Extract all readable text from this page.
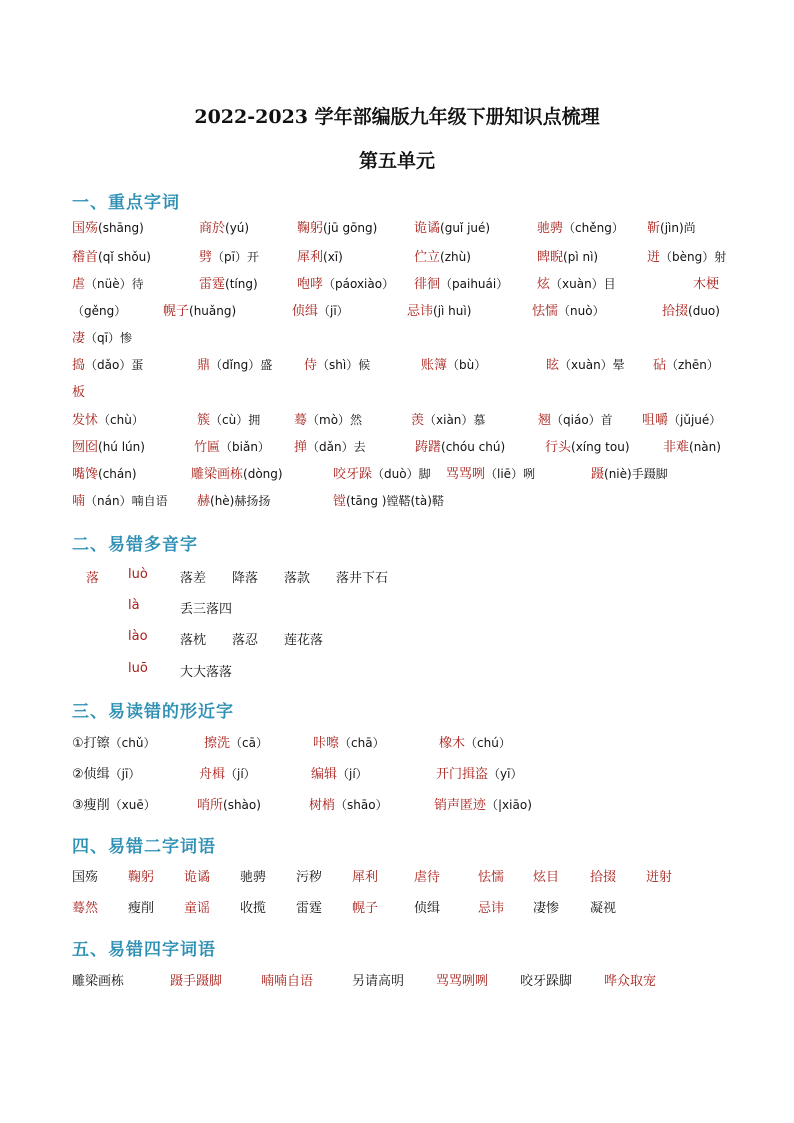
2022-2023 学年部编版九年级下册知识点梳理
第五单元
一、重点字词
国殇(shāng)	商於(yú)	鞠躬(jū gōng)	诡谲(guǐ jué)	驰骋（chěng） 靳(jìn)尚
稽首(qǐ shǒu)	劈（pī）开	犀利(xī)	伫立(zhù)	睥睨(pì nì)	迸（bèng）射
虐（nüè）待	雷霆(tíng)	咆哮（páoxiào） 徘徊（paihuái） 炫（xuàn）目	木梗
（gěng）	幌子(huǎng)	侦缉（jī）	忌讳(jì huì)	怯懦（nuò）	拾掇(duo)
凄（qī）惨
捣（dǎo）蛋	鼎（dǐng）盛 侍（shì）候	账簿（bù）	眩（xuàn）晕 砧（zhēn）
板
发怵（chù）	簇（cù）拥	蓦（mò）然	羡（xiàn）慕	翘（qiáo）首 咀嚼（jǔjué）
囫囵(hú lún)	竹匾（biǎn） 掸（dǎn）去	踌躇(chóu chú)	行头(xíng tou)	非难(nàn)
嘴馋(chán)	雕梁画栋(dòng)	咬牙跺（duò）脚 骂骂咧（liē）咧	蹑(niè)手蹑脚
喃（nán）喃自语 赫(hè)赫扬扬	镗(tāng )镗鞳(tà)鞳
二、易错多音字
落 luò 落差　　降落　　落款　　落井下石
là	丢三落四
lào 落枕　　落忍　　莲花落
luō 大大落落
三、易读错的形近字
①打镲（chǔ）	擦洗（cā）	咔嚓（chā）	橡木（chú）
②侦缉（jī）	舟楫（jí）	编辑（jí）	开门揖盗（yī）
③瘦削（xuē）	哨所(shào)	树梢（shāo）	销声匿迹（|xiāo)
四、易错二字词语
国殇 鞠躬 诡谲 驰骋 污秽 犀利	虐待	怯懦 炫目 拾掇 迸射
蓦然 瘦削 童谣 收揽 雷霆 幌子	侦缉	忌讳 凄惨 凝视
五、易错四字词语
雕梁画栋	蹑手蹑脚	喃喃自语	另请高明 骂骂咧咧 咬牙跺脚 哗众取宠
